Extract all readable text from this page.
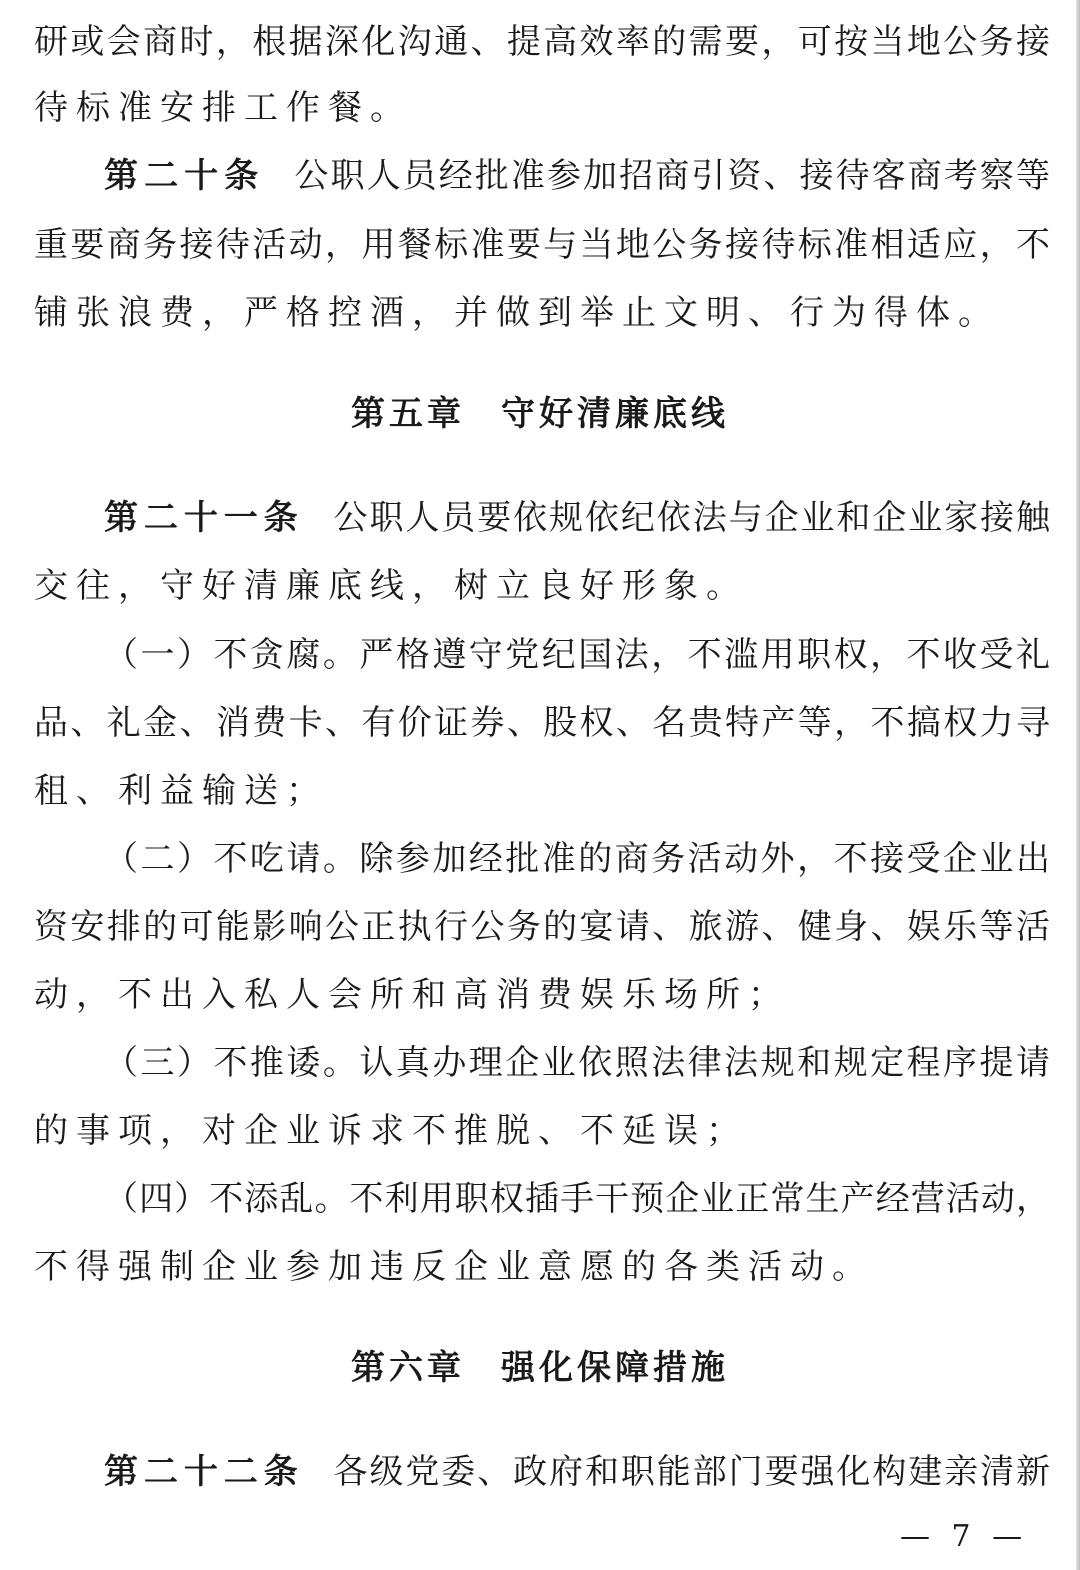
研或会商时，根据深化沟通、提高效率的需要，可按当地公务接
待标准安排工作餐。
第二十条 公职人员经批准参加招商引资、接待客商考察等
重要商务接待活动，用餐标准要与当地公务接待标准相适应，不
铺张浪费，严格控酒，并做到举止文明、行为得体。
第五章 守好清廉底线
第二十一条 公职人员要依规依纪依法与企业和企业家接触
交往，守好清廉底线，树立良好形象。
（一）不贪腐。严格遵守党纪国法，不滥用职权，不收受礼
品、礼金、消费卡、有价证券、股权、名贵特产等，不搞权力寻
租、利益输送；
（二）不吃请。除参加经批准的商务活动外，不接受企业出
资安排的可能影响公正执行公务的宴请、旅游、健身、娱乐等活
动，不出入私人会所和高消费娱乐场所；
（三）不推诿。认真办理企业依照法律法规和规定程序提请
的事项，对企业诉求不推脱、不延误；
（四）不添乱。不利用职权插手干预企业正常生产经营活动，
不得强制企业参加违反企业意愿的各类活动。
第六章 强化保障措施
第二十二条 各级党委、政府和职能部门要强化构建亲清新
— 7 —
